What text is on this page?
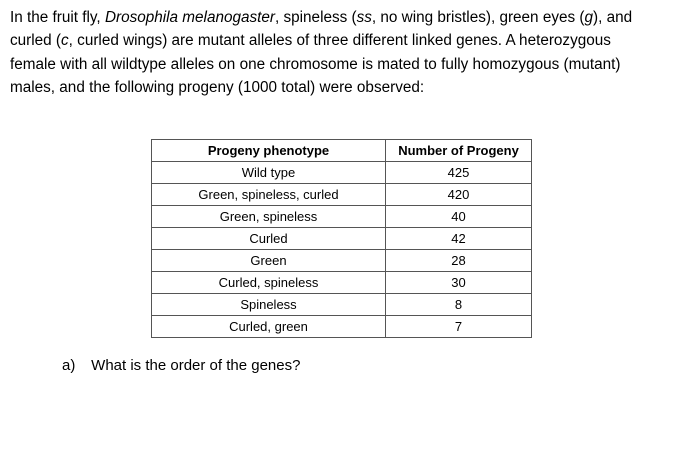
In the fruit fly, Drosophila melanogaster, spineless (ss, no wing bristles), green eyes (g), and
curled (c, curled wings) are mutant alleles of three different linked genes. A heterozygous
female with all wildtype alleles on one chromosome is mated to fully homozygous (mutant)
males, and the following progeny (1000 total) were observed:

Progeny phenotype	Number of Progeny
Wild type	425
Green, spineless, curled	420
Green, spineless	40
Curled	42
Green	28
Curled, spineless	30
Spineless	8
Curled, green	7
a) What is the order of the genes?
